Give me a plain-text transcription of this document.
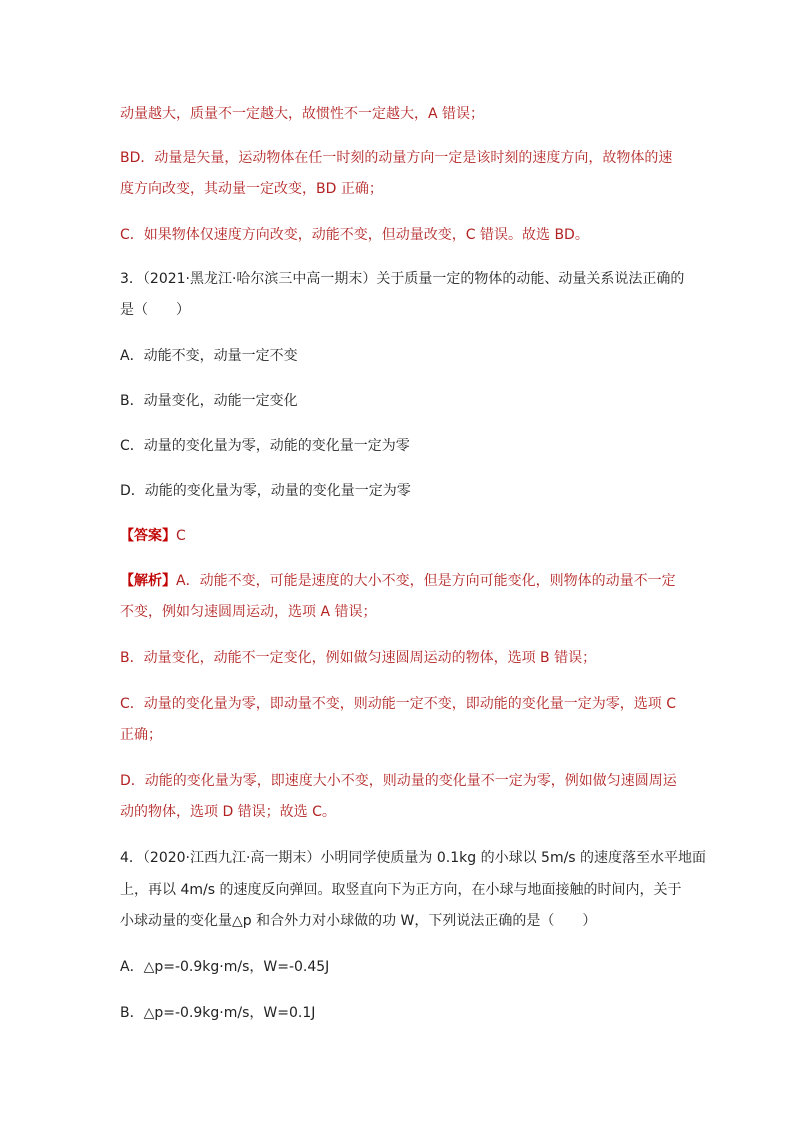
动量越大，质量不一定越大，故惯性不一定越大，A 错误；
BD．动量是矢量，运动物体在任一时刻的动量方向一定是该时刻的速度方向，故物体的速
度方向改变，其动量一定改变，BD 正确；
C．如果物体仅速度方向改变，动能不变，但动量改变，C 错误。故选 BD。
3．（2021·黑龙江·哈尔滨三中高一期末）关于质量一定的物体的动能、动量关系说法正确的
是（　　）
A．动能不变，动量一定不变
B．动量变化，动能一定变化
C．动量的变化量为零，动能的变化量一定为零
D．动能的变化量为零，动量的变化量一定为零
【答案】C
【解析】A．动能不变，可能是速度的大小不变，但是方向可能变化，则物体的动量不一定
不变，例如匀速圆周运动，选项 A 错误；
B．动量变化，动能不一定变化，例如做匀速圆周运动的物体，选项 B 错误；
C．动量的变化量为零，即动量不变，则动能一定不变，即动能的变化量一定为零，选项 C
正确；
D．动能的变化量为零，即速度大小不变，则动量的变化量不一定为零，例如做匀速圆周运
动的物体，选项 D 错误；故选 C。
4．（2020·江西九江·高一期末）小明同学使质量为 0.1kg 的小球以 5m/s 的速度落至水平地面
上，再以 4m/s 的速度反向弹回。取竖直向下为正方向，在小球与地面接触的时间内，关于
小球动量的变化量△p 和合外力对小球做的功 W，下列说法正确的是（　　）
A．△p=-0.9kg·m/s，W=-0.45J
B．△p=-0.9kg·m/s，W=0.1J
